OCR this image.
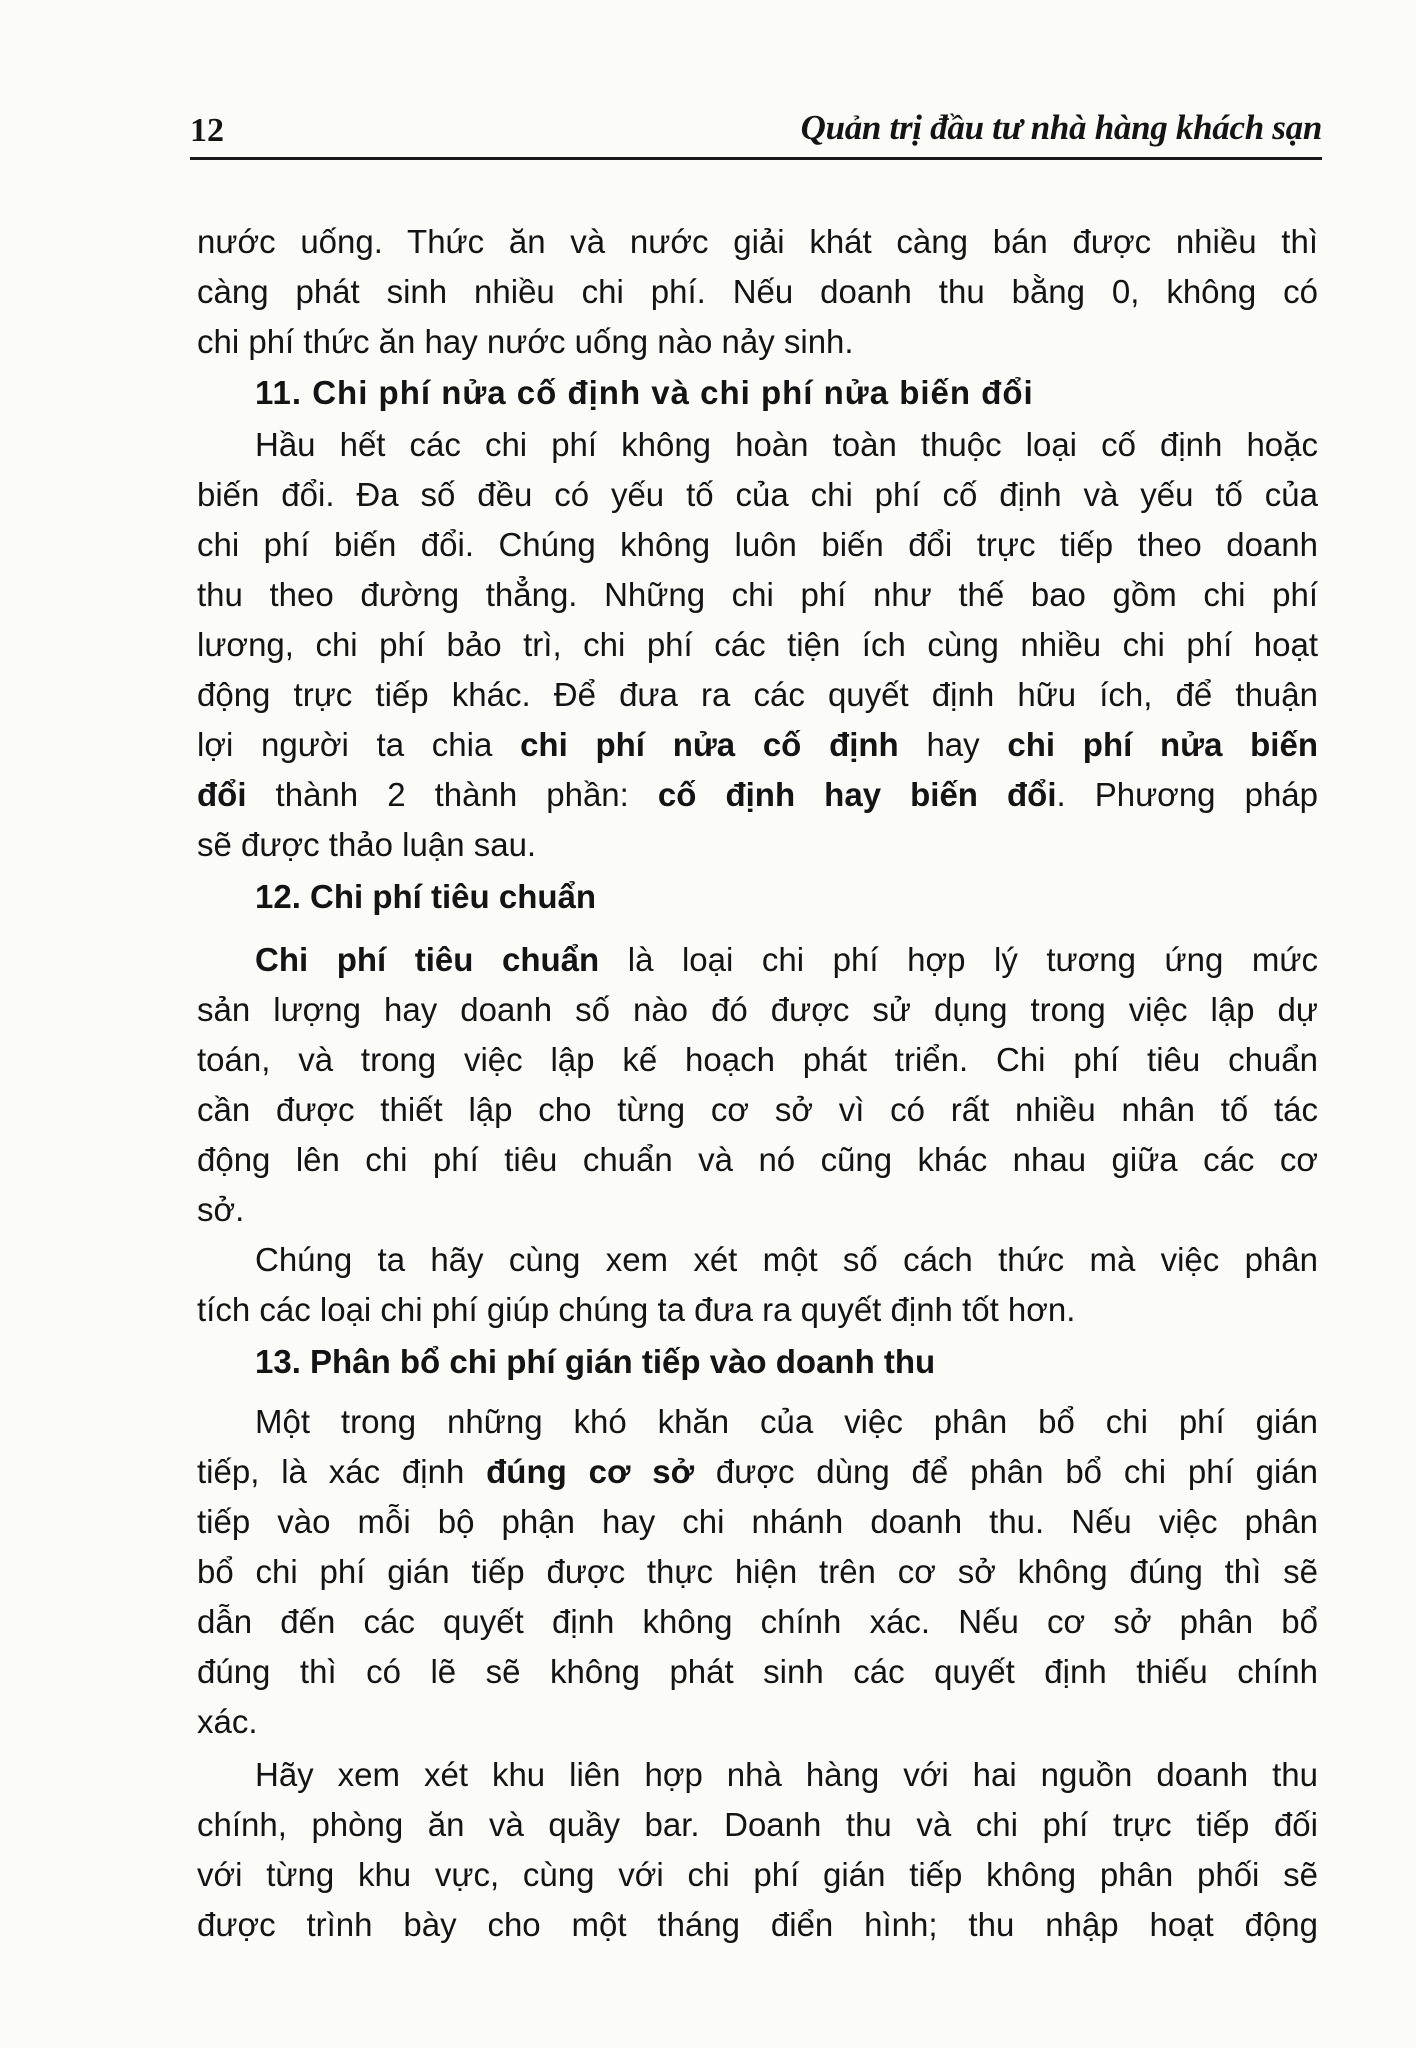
12	Quản trị đầu tư nhà hàng khách sạn
nước uống. Thức ăn và nước giải khát càng bán được nhiều thì
càng phát sinh nhiều chi phí. Nếu doanh thu bằng 0, không có
chi phí thức ăn hay nước uống nào nảy sinh.
11. Chi phí nửa cố định và chi phí nửa biến đổi
Hầu hết các chi phí không hoàn toàn thuộc loại cố định hoặc
biến đổi. Đa số đều có yếu tố của chi phí cố định và yếu tố của
chi phí biến đổi. Chúng không luôn biến đổi trực tiếp theo doanh
thu theo đường thẳng. Những chi phí như thế bao gồm chi phí
lương, chi phí bảo trì, chi phí các tiện ích cùng nhiều chi phí hoạt
động trực tiếp khác. Để đưa ra các quyết định hữu ích, để thuận
lợi người ta chia chi phí nửa cố định hay chi phí nửa biến
đổi thành 2 thành phần: cố định hay biến đổi. Phương pháp
sẽ được thảo luận sau.
12. Chi phí tiêu chuẩn
Chi phí tiêu chuẩn là loại chi phí hợp lý tương ứng mức
sản lượng hay doanh số nào đó được sử dụng trong việc lập dự
toán, và trong việc lập kế hoạch phát triển. Chi phí tiêu chuẩn
cần được thiết lập cho từng cơ sở vì có rất nhiều nhân tố tác
động lên chi phí tiêu chuẩn và nó cũng khác nhau giữa các cơ
sở.
Chúng ta hãy cùng xem xét một số cách thức mà việc phân
tích các loại chi phí giúp chúng ta đưa ra quyết định tốt hơn.
13. Phân bổ chi phí gián tiếp vào doanh thu
Một trong những khó khăn của việc phân bổ chi phí gián
tiếp, là xác định đúng cơ sở được dùng để phân bổ chi phí gián
tiếp vào mỗi bộ phận hay chi nhánh doanh thu. Nếu việc phân
bổ chi phí gián tiếp được thực hiện trên cơ sở không đúng thì sẽ
dẫn đến các quyết định không chính xác. Nếu cơ sở phân bổ
đúng thì có lẽ sẽ không phát sinh các quyết định thiếu chính
xác.
Hãy xem xét khu liên hợp nhà hàng với hai nguồn doanh thu
chính, phòng ăn và quầy bar. Doanh thu và chi phí trực tiếp đối
với từng khu vực, cùng với chi phí gián tiếp không phân phối sẽ
được trình bày cho một tháng điển hình; thu nhập hoạt động
